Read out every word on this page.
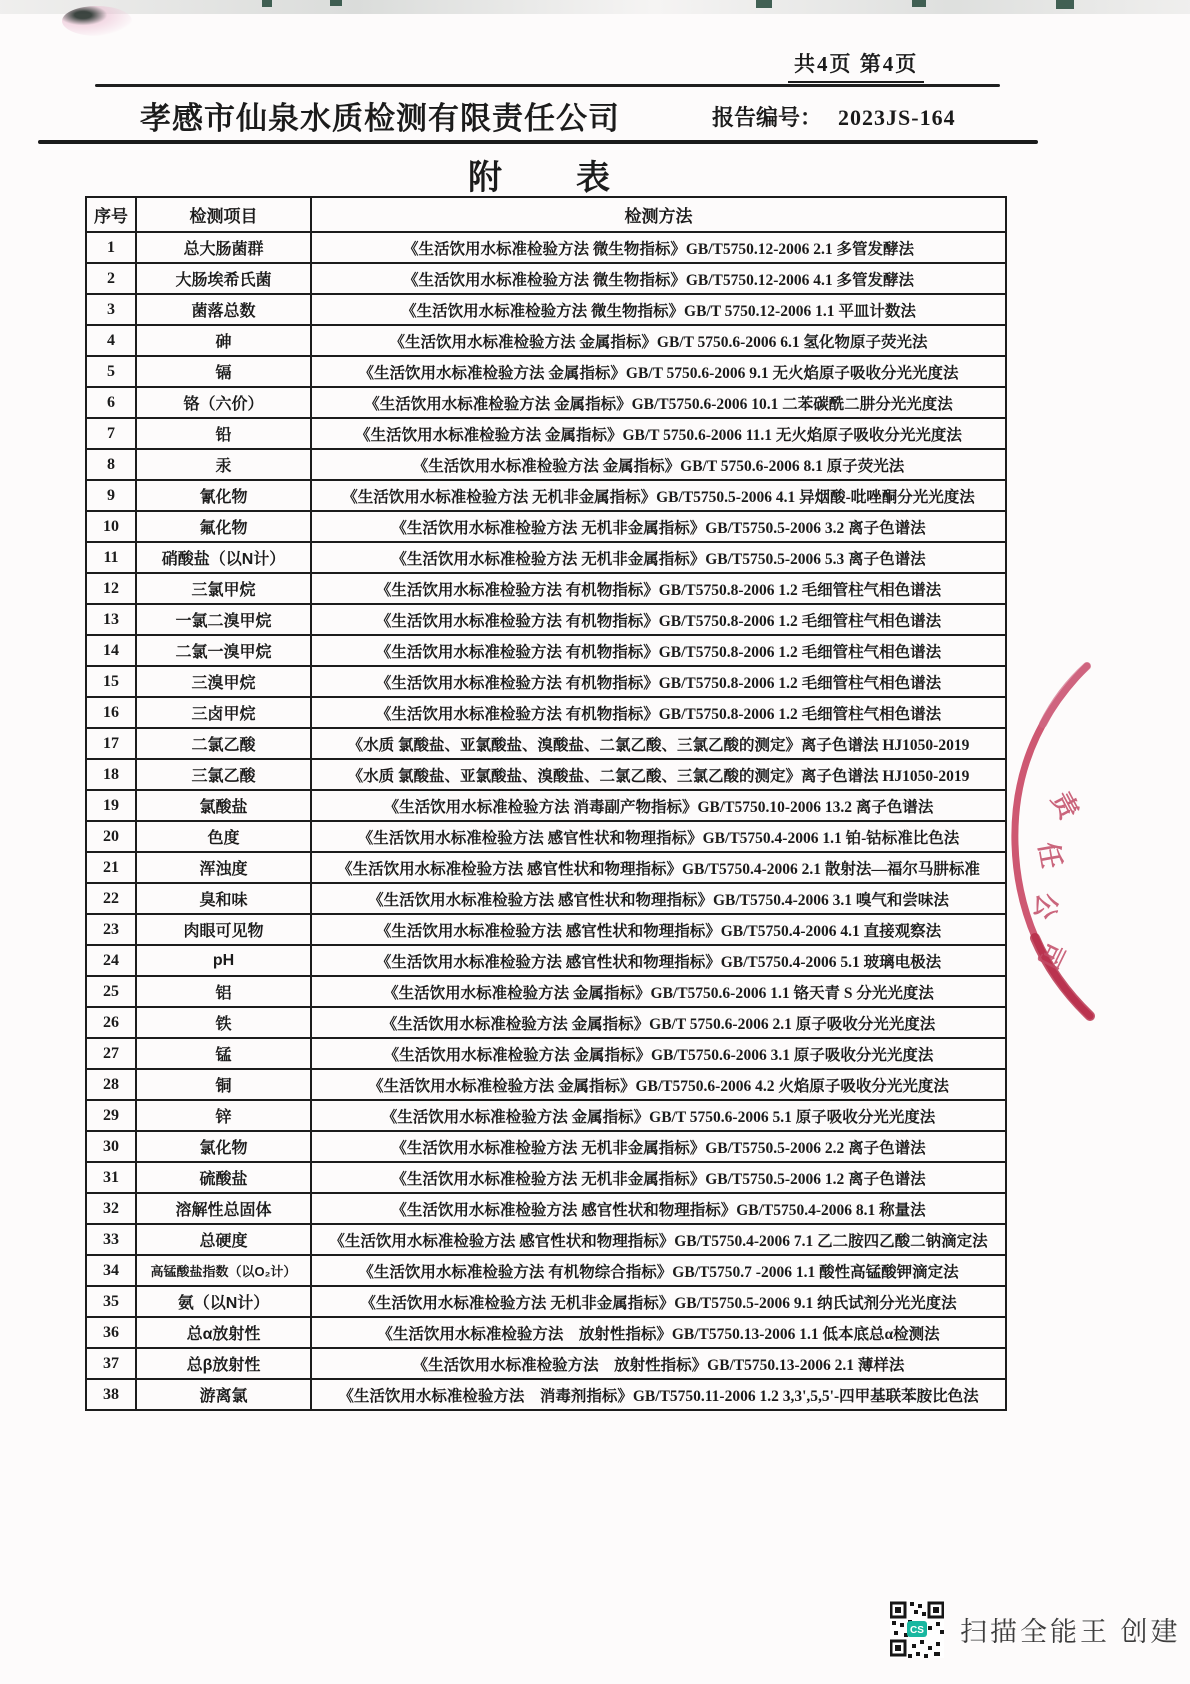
共4页 第4页
孝感市仙泉水质检测有限责任公司	报告编号： 2023JS-164
附　　表
序号	检测项目	检测方法
1	总大肠菌群	《生活饮用水标准检验方法 微生物指标》GB/T5750.12-2006 2.1 多管发酵法
2	大肠埃希氏菌	《生活饮用水标准检验方法 微生物指标》GB/T5750.12-2006 4.1 多管发酵法
3	菌落总数	《生活饮用水标准检验方法 微生物指标》GB/T 5750.12-2006 1.1 平皿计数法
4	砷	《生活饮用水标准检验方法 金属指标》GB/T 5750.6-2006 6.1 氢化物原子荧光法
5	镉	《生活饮用水标准检验方法 金属指标》GB/T 5750.6-2006 9.1 无火焰原子吸收分光光度法
6	铬（六价）	《生活饮用水标准检验方法 金属指标》GB/T5750.6-2006 10.1 二苯碳酰二肼分光光度法
7	铅	《生活饮用水标准检验方法 金属指标》GB/T 5750.6-2006 11.1 无火焰原子吸收分光光度法
8	汞	《生活饮用水标准检验方法 金属指标》GB/T 5750.6-2006 8.1 原子荧光法
9	氰化物	《生活饮用水标准检验方法 无机非金属指标》GB/T5750.5-2006 4.1 异烟酸-吡唑酮分光光度法
10	氟化物	《生活饮用水标准检验方法 无机非金属指标》GB/T5750.5-2006 3.2 离子色谱法
11	硝酸盐（以N计）	《生活饮用水标准检验方法 无机非金属指标》GB/T5750.5-2006 5.3 离子色谱法
12	三氯甲烷	《生活饮用水标准检验方法 有机物指标》GB/T5750.8-2006 1.2 毛细管柱气相色谱法
13	一氯二溴甲烷	《生活饮用水标准检验方法 有机物指标》GB/T5750.8-2006 1.2 毛细管柱气相色谱法
14	二氯一溴甲烷	《生活饮用水标准检验方法 有机物指标》GB/T5750.8-2006 1.2 毛细管柱气相色谱法
15	三溴甲烷	《生活饮用水标准检验方法 有机物指标》GB/T5750.8-2006 1.2 毛细管柱气相色谱法
16	三卤甲烷	《生活饮用水标准检验方法 有机物指标》GB/T5750.8-2006 1.2 毛细管柱气相色谱法
17	二氯乙酸	《水质 氯酸盐、亚氯酸盐、溴酸盐、二氯乙酸、三氯乙酸的测定》离子色谱法 HJ1050-2019
18	三氯乙酸	《水质 氯酸盐、亚氯酸盐、溴酸盐、二氯乙酸、三氯乙酸的测定》离子色谱法 HJ1050-2019
19	氯酸盐	《生活饮用水标准检验方法 消毒副产物指标》GB/T5750.10-2006 13.2 离子色谱法
20	色度	《生活饮用水标准检验方法 感官性状和物理指标》GB/T5750.4-2006 1.1 铂-钴标准比色法
21	浑浊度	《生活饮用水标准检验方法 感官性状和物理指标》GB/T5750.4-2006 2.1 散射法—福尔马肼标准
22	臭和味	《生活饮用水标准检验方法 感官性状和物理指标》GB/T5750.4-2006 3.1 嗅气和尝味法
23	肉眼可见物	《生活饮用水标准检验方法 感官性状和物理指标》GB/T5750.4-2006 4.1 直接观察法
24	pH	《生活饮用水标准检验方法 感官性状和物理指标》GB/T5750.4-2006 5.1 玻璃电极法
25	铝	《生活饮用水标准检验方法 金属指标》GB/T5750.6-2006 1.1 铬天青 S 分光光度法
26	铁	《生活饮用水标准检验方法 金属指标》GB/T 5750.6-2006 2.1 原子吸收分光光度法
27	锰	《生活饮用水标准检验方法 金属指标》GB/T5750.6-2006 3.1 原子吸收分光光度法
28	铜	《生活饮用水标准检验方法 金属指标》GB/T5750.6-2006 4.2 火焰原子吸收分光光度法
29	锌	《生活饮用水标准检验方法 金属指标》GB/T 5750.6-2006 5.1 原子吸收分光光度法
30	氯化物	《生活饮用水标准检验方法 无机非金属指标》GB/T5750.5-2006 2.2 离子色谱法
31	硫酸盐	《生活饮用水标准检验方法 无机非金属指标》GB/T5750.5-2006 1.2 离子色谱法
32	溶解性总固体	《生活饮用水标准检验方法 感官性状和物理指标》GB/T5750.4-2006 8.1 称量法
33	总硬度	《生活饮用水标准检验方法 感官性状和物理指标》GB/T5750.4-2006 7.1 乙二胺四乙酸二钠滴定法
34	高锰酸盐指数（以O₂计）	《生活饮用水标准检验方法 有机物综合指标》GB/T5750.7 -2006 1.1 酸性高锰酸钾滴定法
35	氨（以N计）	《生活饮用水标准检验方法 无机非金属指标》GB/T5750.5-2006 9.1 纳氏试剂分光光度法
36	总α放射性	《生活饮用水标准检验方法　放射性指标》GB/T5750.13-2006 1.1 低本底总α检测法
37	总β放射性	《生活饮用水标准检验方法　放射性指标》GB/T5750.13-2006 2.1 薄样法
38	游离氯	《生活饮用水标准检验方法　消毒剂指标》GB/T5750.11-2006 1.2 3,3',5,5'-四甲基联苯胺比色法
责
任
公
司
CS 扫描全能王 创建
